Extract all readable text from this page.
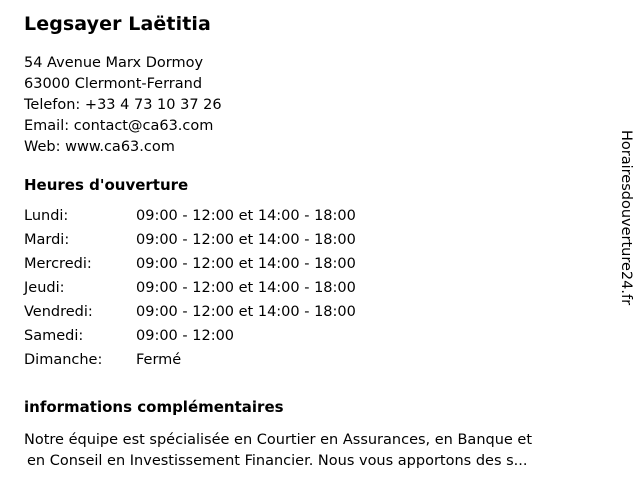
Legsayer Laëtitia
54 Avenue Marx Dormoy
63000 Clermont-Ferrand
Telefon: +33 4 73 10 37 26
Email: contact@ca63.com
Web: www.ca63.com
Heures d'ouverture
Lundi:	09:00 - 12:00 et 14:00 - 18:00
Mardi:	09:00 - 12:00 et 14:00 - 18:00
Mercredi:	09:00 - 12:00 et 14:00 - 18:00
Jeudi:	09:00 - 12:00 et 14:00 - 18:00
Vendredi:	09:00 - 12:00 et 14:00 - 18:00
Samedi:	09:00 - 12:00
Dimanche:	Fermé
informations complémentaires
Notre équipe est spécialisée en Courtier en Assurances, en Banque et
en Conseil en Investissement Financier. Nous vous apportons des s...
Horairesdouverture24.fr
